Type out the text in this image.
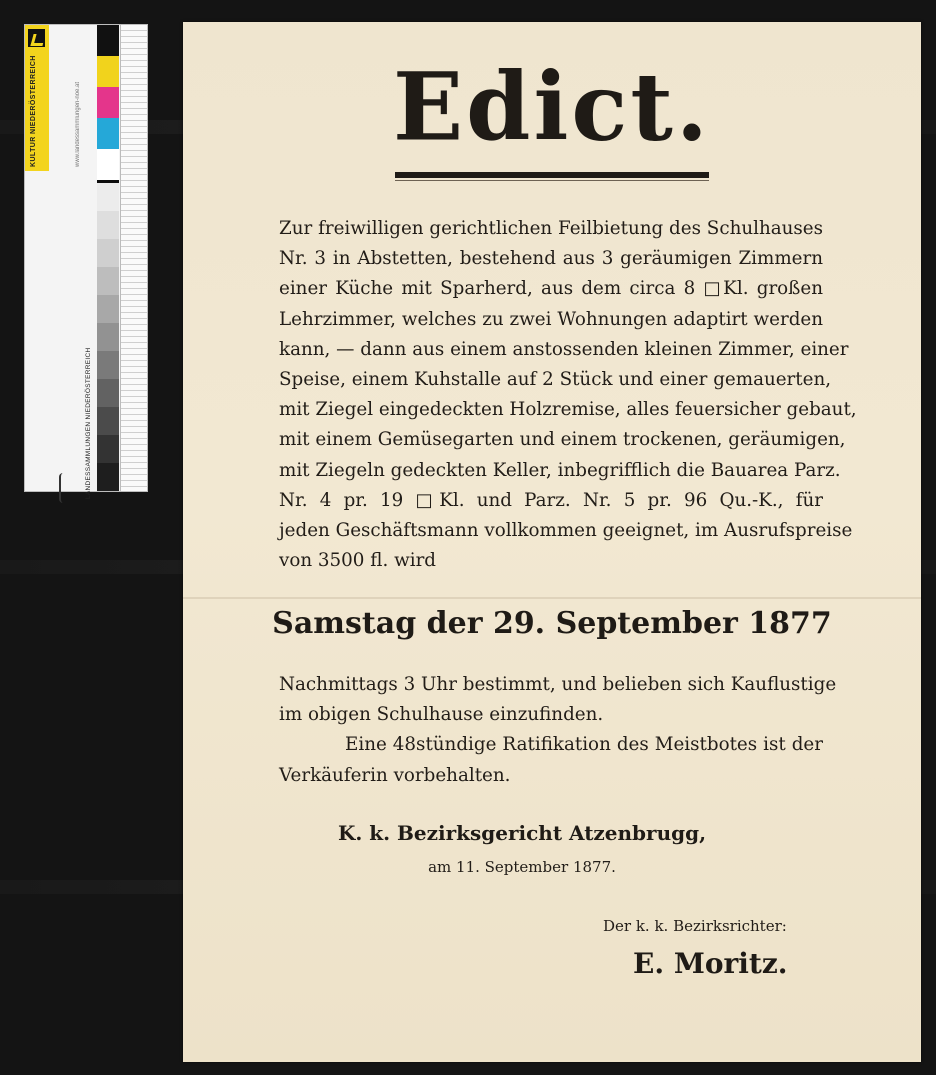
KULTUR NIEDERÖSTERREICH	www.landessammlungen-noe.at
LANDESSAMMLUNGEN NIEDERÖSTERREICH
Edict.
Zur freiwilligen gerichtlichen Feilbietung des Schulhauses
Nr. 3 in Abstetten, bestehend aus 3 geräumigen Zimmern
einer Küche mit Sparherd, aus dem circa 8 □Kl. großen
Lehrzimmer, welches zu zwei Wohnungen adaptirt werden
kann, — dann aus einem anstossenden kleinen Zimmer, einer
Speise, einem Kuhstalle auf 2 Stück und einer gemauerten,
mit Ziegel eingedeckten Holzremise, alles feuersicher gebaut,
mit einem Gemüsegarten und einem trockenen, geräumigen,
mit Ziegeln gedeckten Keller, inbegrifflich die Bauarea Parz.
Nr. 4 pr. 19 □Kl. und Parz. Nr. 5 pr. 96 Qu.-K., für
jeden Geschäftsmann vollkommen geeignet, im Ausrufspreise
von 3500 fl. wird
Samstag der 29. September 1877
Nachmittags 3 Uhr bestimmt, und belieben sich Kauflustige
im obigen Schulhause einzufinden.
Eine 48stündige Ratifikation des Meistbotes ist der
Verkäuferin vorbehalten.
K. k. Bezirksgericht Atzenbrugg,
am 11. September 1877.
Der k. k. Bezirksrichter:
E. Moritz.
